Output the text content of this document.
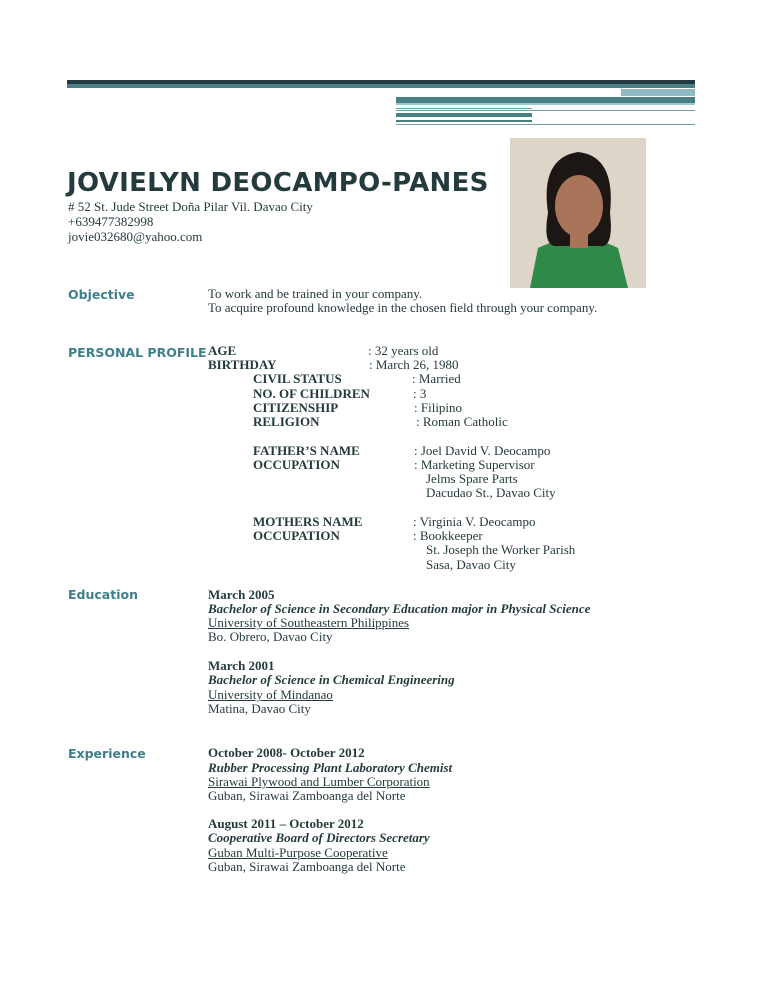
JOVIELYN DEOCAMPO-PANES
# 52 St. Jude Street Doña Pilar Vil. Davao City
+639477382998
jovie032680@yahoo.com
Objective	To work and be trained in your company.
To acquire profound knowledge in the chosen field through your company.
PERSONAL PROFILE AGE	: 32 years old
BIRTHDAY	: March 26, 1980
CIVIL STATUS	: Married
NO. OF CHILDREN	: 3
CITIZENSHIP	: Filipino
RELIGION	: Roman Catholic
FATHER’S NAME	: Joel David V. Deocampo
OCCUPATION	: Marketing Supervisor
Jelms Spare Parts
Dacudao St., Davao City
MOTHERS NAME	: Virginia V. Deocampo
OCCUPATION	: Bookkeeper
St. Joseph the Worker Parish
Sasa, Davao City
Education	March 2005
Bachelor of Science in Secondary Education major in Physical Science
University of Southeastern Philippines
Bo. Obrero, Davao City
March 2001
Bachelor of Science in Chemical Engineering
University of Mindanao
Matina, Davao City
Experience	October 2008- October 2012
Rubber Processing Plant Laboratory Chemist
Sirawai Plywood and Lumber Corporation
Guban, Sirawai Zamboanga del Norte
August 2011 – October 2012
Cooperative Board of Directors Secretary
Guban Multi-Purpose Cooperative
Guban, Sirawai Zamboanga del Norte
